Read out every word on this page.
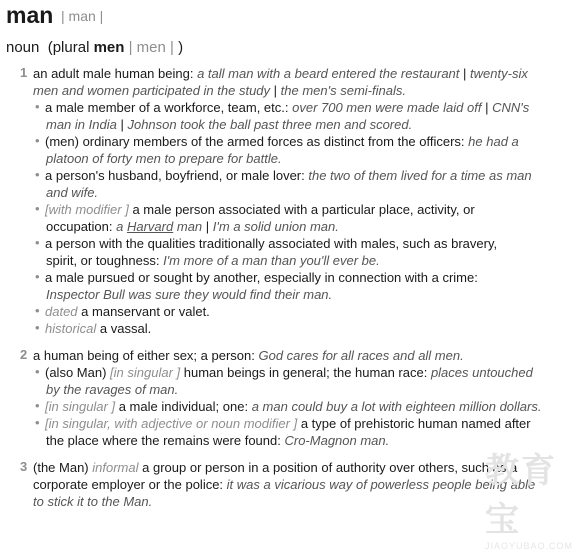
man | man |
noun (plural men | men | )
1 an adult male human being: a tall man with a beard entered the restaurant | twenty-six
men and women participated in the study | the men's semi-finals.
• a male member of a workforce, team, etc.: over 700 men were made laid off | CNN's
man in India | Johnson took the ball past three men and scored.
• (men) ordinary members of the armed forces as distinct from the officers: he had a
platoon of forty men to prepare for battle.
• a person's husband, boyfriend, or male lover: the two of them lived for a time as man
and wife.
• [with modifier ] a male person associated with a particular place, activity, or
occupation: a Harvard man | I'm a solid union man.
• a person with the qualities traditionally associated with males, such as bravery,
spirit, or toughness: I'm more of a man than you'll ever be.
• a male pursued or sought by another, especially in connection with a crime:
Inspector Bull was sure they would find their man.
• dated a manservant or valet.
• historical a vassal.
2 a human being of either sex; a person: God cares for all races and all men.
• (also Man) [in singular ] human beings in general; the human race: places untouched
by the ravages of man.
• [in singular ] a male individual; one: a man could buy a lot with eighteen million dollars.
• [in singular, with adjective or noun modifier ] a type of prehistoric human named after
the place where the remains were found: Cro-Magnon man.
3 (the Man) informal a group or person in a position of authority over others, such as a
corporate employer or the police: it was a vicarious way of powerless people being able
to stick it to the Man.
教育宝
JIAOYUBAO.COM
